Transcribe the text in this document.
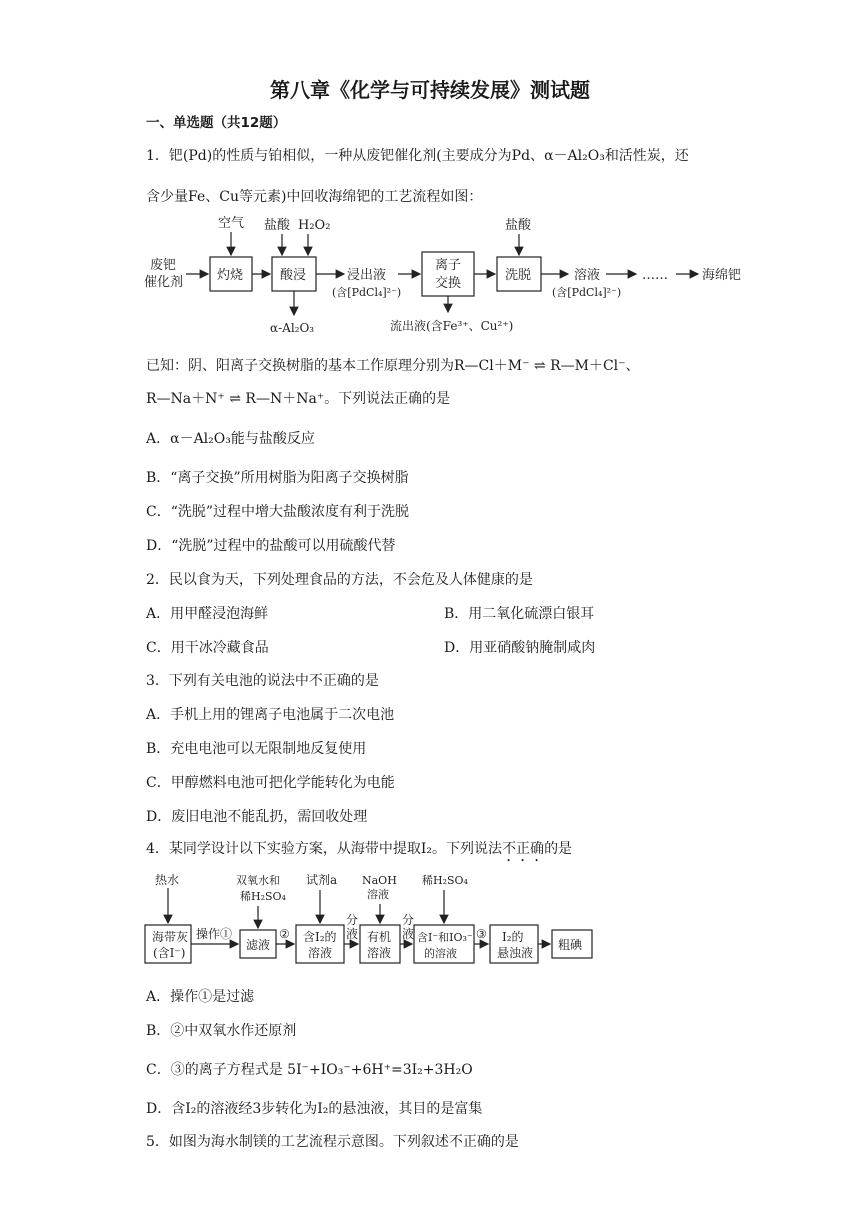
第八章《化学与可持续发展》测试题
一、单选题（共12题）
1．钯(Pd)的性质与铂相似，一种从废钯催化剂(主要成分为Pd、α－Al₂O₃和活性炭，还
含少量Fe、Cu等元素)中回收海绵钯的工艺流程如图：
废钯
催化剂
空气
灼烧
盐酸 H₂O₂
酸浸
α-Al₂O₃
浸出液
(含[PdCl₄]²⁻)
离子
交换
流出液(含Fe³⁺、Cu²⁺)
盐酸
洗脱	溶液
(含[PdCl₄]²⁻)
……	海绵钯
已知：阴、阳离子交换树脂的基本工作原理分别为R—Cl＋M⁻ ⇌ R—M＋Cl⁻、
R—Na＋N⁺ ⇌ R—N＋Na⁺。下列说法正确的是
A．α－Al₂O₃能与盐酸反应
B．“离子交换”所用树脂为阳离子交换树脂
C．“洗脱”过程中增大盐酸浓度有利于洗脱
D．“洗脱”过程中的盐酸可以用硫酸代替
2．民以食为天，下列处理食品的方法，不会危及人体健康的是
A．用甲醛浸泡海鲜	B．用二氧化硫漂白银耳
C．用干冰冷藏食品	D．用亚硝酸钠腌制咸肉
3．下列有关电池的说法中不正确的是
A．手机上用的锂离子电池属于二次电池
B．充电电池可以无限制地反复使用
C．甲醇燃料电池可把化学能转化为电能
D．废旧电池不能乱扔，需回收处理
4．某同学设计以下实验方案，从海带中提取I₂。下列说法不正确的是
热水
海带灰
(含I⁻)
操作①
双氧水和
稀H₂SO₄
滤液
②
试剂a
含I₂的
溶液
分
液
NaOH
溶液
有机
溶液
分
液
稀H₂SO₄
含I⁻和IO₃⁻
的溶液
③ I₂的
悬浊液
粗碘
A．操作①是过滤
B．②中双氧水作还原剂
C．③的离子方程式是 5I⁻+IO₃⁻+6H⁺=3I₂+3H₂O
D．含I₂的溶液经3步转化为I₂的悬浊液，其目的是富集
5．如图为海水制镁的工艺流程示意图。下列叙述不正确的是
